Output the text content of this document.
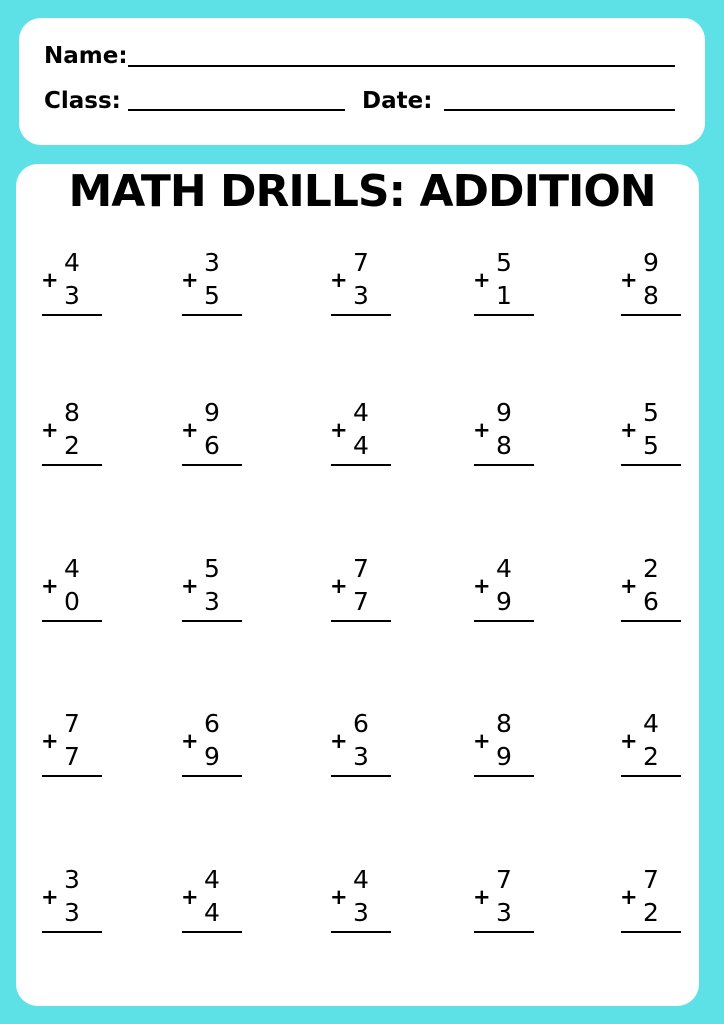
Name:
Class:	Date:
MATH DRILLS: ADDITION
+
4
3
+
3
5
+
7
3
+
5
1
+
9
8
+
8
2
+
9
6
+
4
4
+
9
8
+
5
5
+
4
0
+
5
3
+
7
7
+
4
9
+
2
6
+
7
7
+
6
9
+
6
3
+
8
9
+
4
2
+
3
3
+
4
4
+
4
3
+
7
3
+
7
2
